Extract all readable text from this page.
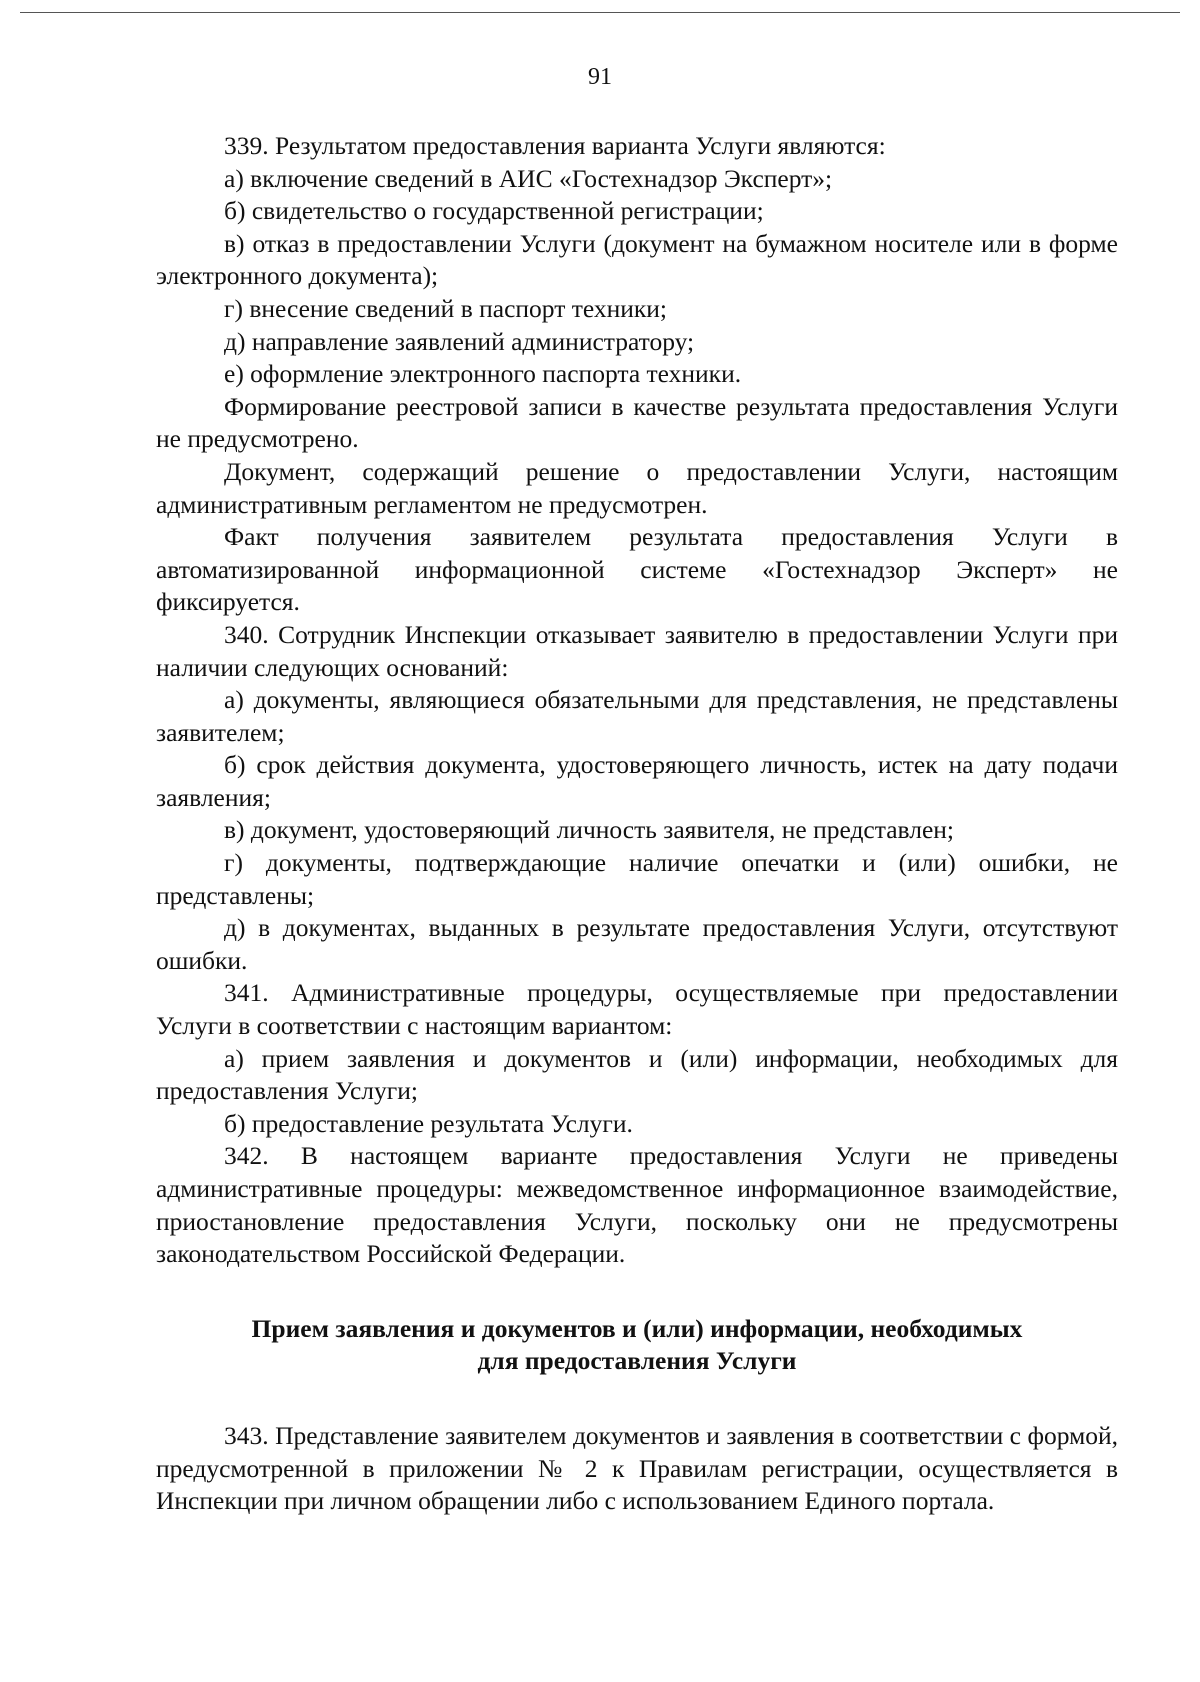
91

339. Результатом предоставления варианта Услуги являются:

а) включение сведений в АИС «Гостехнадзор Эксперт»;

б) свидетельство о государственной регистрации;

в) отказ в предоставлении Услуги (документ на бумажном носителе или в форме электронного документа);

г) внесение сведений в паспорт техники;

д) направление заявлений администратору;

е) оформление электронного паспорта техники.

Формирование реестровой записи в качестве результата предоставления Услуги не предусмотрено.

Документ, содержащий решение о предоставлении Услуги, настоящим административным регламентом не предусмотрен.

Факт получения заявителем результата предоставления Услуги в автоматизированной информационной системе «Гостехнадзор Эксперт» не фиксируется.

340. Сотрудник Инспекции отказывает заявителю в предоставлении Услуги при наличии следующих оснований:

а) документы, являющиеся обязательными для представления, не представлены заявителем;

б) срок действия документа, удостоверяющего личность, истек на дату подачи заявления;

в) документ, удостоверяющий личность заявителя, не представлен;

г) документы, подтверждающие наличие опечатки и (или) ошибки, не представлены;

д) в документах, выданных в результате предоставления Услуги, отсутствуют ошибки.

341. Административные процедуры, осуществляемые при предоставлении Услуги в соответствии с настоящим вариантом:

а) прием заявления и документов и (или) информации, необходимых для предоставления Услуги;

б) предоставление результата Услуги.

342. В настоящем варианте предоставления Услуги не приведены административные процедуры: межведомственное информационное взаимодействие, приостановление предоставления Услуги, поскольку они не предусмотрены законодательством Российской Федерации.

Прием заявления и документов и (или) информации, необходимых
для предоставления Услуги

343. Представление заявителем документов и заявления в соответствии с формой, предусмотренной в приложении № 2 к Правилам регистрации, осуществляется в Инспекции при личном обращении либо с использованием Единого портала.
